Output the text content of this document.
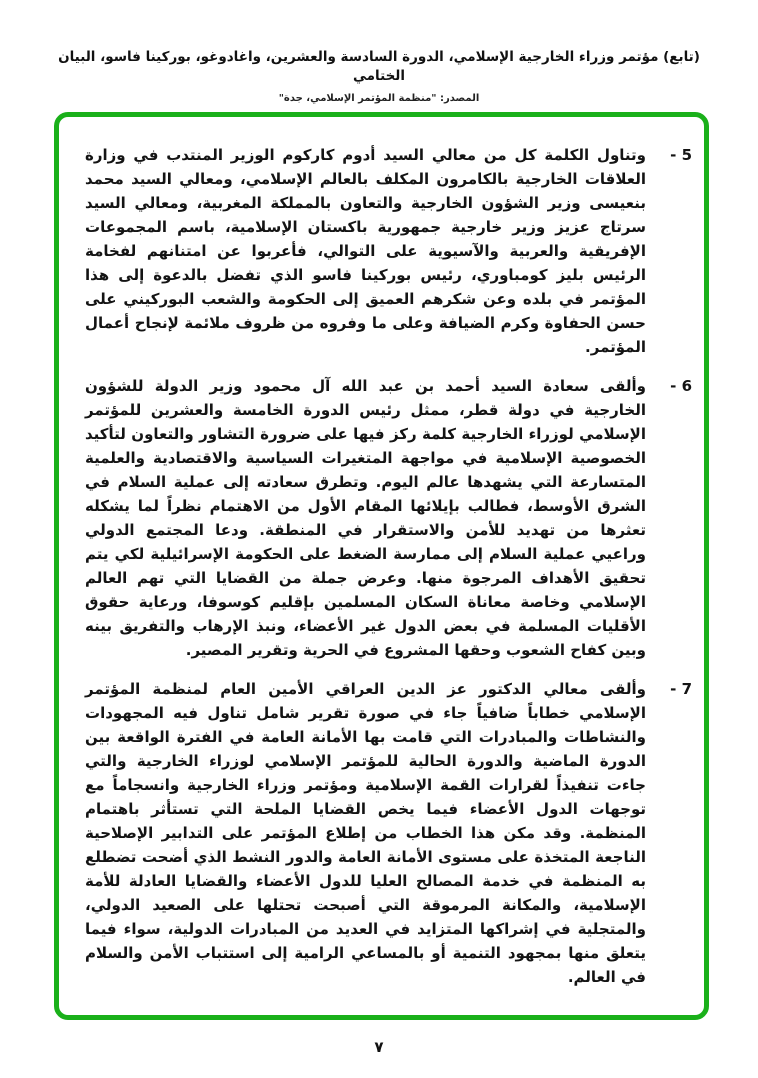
(تابع) مؤتمر وزراء الخارجية الإسلامي، الدورة السادسة والعشرين، واغادوغو، بوركينا فاسو، البيان الختامي
المصدر: "منظمة المؤتمر الإسلامي، جدة"
5 -
وتناول الكلمة كل من معالي السيد أدوم كاركوم الوزير المنتدب في وزارة العلاقات الخارجية بالكامرون المكلف بالعالم الإسلامي، ومعالي السيد محمد بنعيسى وزير الشؤون الخارجية والتعاون بالمملكة المغربية، ومعالي السيد سرتاج عزيز وزير خارجية جمهورية باكستان الإسلامية، باسم المجموعات الإفريقية والعربية والآسيوية على التوالي، فأعربوا عن امتنانهم لفخامة الرئيس بليز كومباوري، رئيس بوركينا فاسو الذي تفضل بالدعوة إلى هذا المؤتمر في بلده وعن شكرهم العميق إلى الحكومة والشعب البوركيني على حسن الحفاوة وكرم الضيافة وعلى ما وفروه من ظروف ملائمة لإنجاح أعمال المؤتمر.
6 -
وألقى سعادة السيد أحمد بن عبد الله آل محمود وزير الدولة للشؤون الخارجية في دولة قطر، ممثل رئيس الدورة الخامسة والعشرين للمؤتمر الإسلامي لوزراء الخارجية كلمة ركز فيها على ضرورة التشاور والتعاون لتأكيد الخصوصية الإسلامية في مواجهة المتغيرات السياسية والاقتصادية والعلمية المتسارعة التي يشهدها عالم اليوم. وتطرق سعادته إلى عملية السلام في الشرق الأوسط، فطالب بإيلائها المقام الأول من الاهتمام نظراً لما يشكله تعثرها من تهديد للأمن والاستقرار في المنطقة. ودعا المجتمع الدولي وراعيي عملية السلام إلى ممارسة الضغط على الحكومة الإسرائيلية لكي يتم تحقيق الأهداف المرجوة منها. وعرض جملة من القضايا التي تهم العالم الإسلامي وخاصة معاناة السكان المسلمين بإقليم كوسوفا، ورعاية حقوق الأقليات المسلمة في بعض الدول غير الأعضاء، ونبذ الإرهاب والتفريق بينه وبين كفاح الشعوب وحقها المشروع في الحرية وتقرير المصير.
7 -
وألقى معالي الدكتور عز الدين العراقي الأمين العام لمنظمة المؤتمر الإسلامي خطاباً ضافياً جاء في صورة تقرير شامل تناول فيه المجهودات والنشاطات والمبادرات التي قامت بها الأمانة العامة في الفترة الواقعة بين الدورة الماضية والدورة الحالية للمؤتمر الإسلامي لوزراء الخارجية والتي جاءت تنفيذاً لقرارات القمة الإسلامية ومؤتمر وزراء الخارجية وانسجاماً مع توجهات الدول الأعضاء فيما يخص القضايا الملحة التي تستأثر باهتمام المنظمة. وقد مكن هذا الخطاب من إطلاع المؤتمر على التدابير الإصلاحية الناجعة المتخذة على مستوى الأمانة العامة والدور النشط الذي أضحت تضطلع به المنظمة في خدمة المصالح العليا للدول الأعضاء والقضايا العادلة للأمة الإسلامية، والمكانة المرموقة التي أصبحت تحتلها على الصعيد الدولي، والمتجلية في إشراكها المتزايد في العديد من المبادرات الدولية، سواء فيما يتعلق منها بمجهود التنمية أو بالمساعي الرامية إلى استتباب الأمن والسلام في العالم.
٧
